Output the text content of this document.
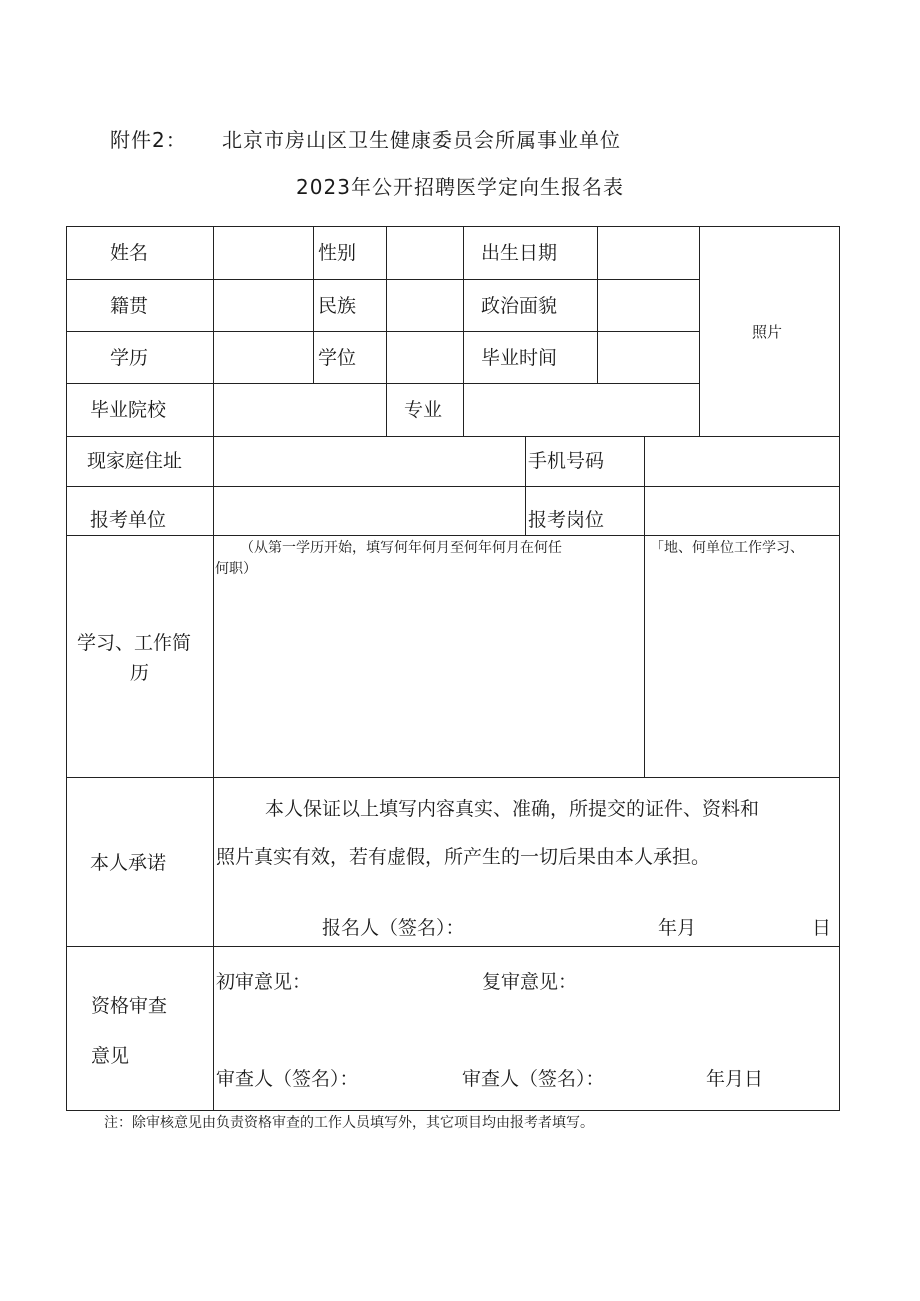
附件2： 北京市房山区卫生健康委员会所属事业单位
2023年公开招聘医学定向生报名表
姓名	性别	出生日期
照片
籍贯	民族	政治面貌
学历	学位	毕业时间
毕业院校	专业
现家庭住址	手机号码
报考单位	报考岗位
学习、工作简
历
（从第一学历开始，填写何年何月至何年何月在何任
何职）
「地、何单位工作学习、
本人承诺
本人保证以上填写内容真实、准确，所提交的证件、资料和
照片真实有效，若有虚假，所产生的一切后果由本人承担。
报名人（签名）：	年月	日
资格审查
意见
初审意见：	复审意见：
审查人（签名）：	审查人（签名）：	年月日
注：除审核意见由负责资格审查的工作人员填写外，其它项目均由报考者填写。
